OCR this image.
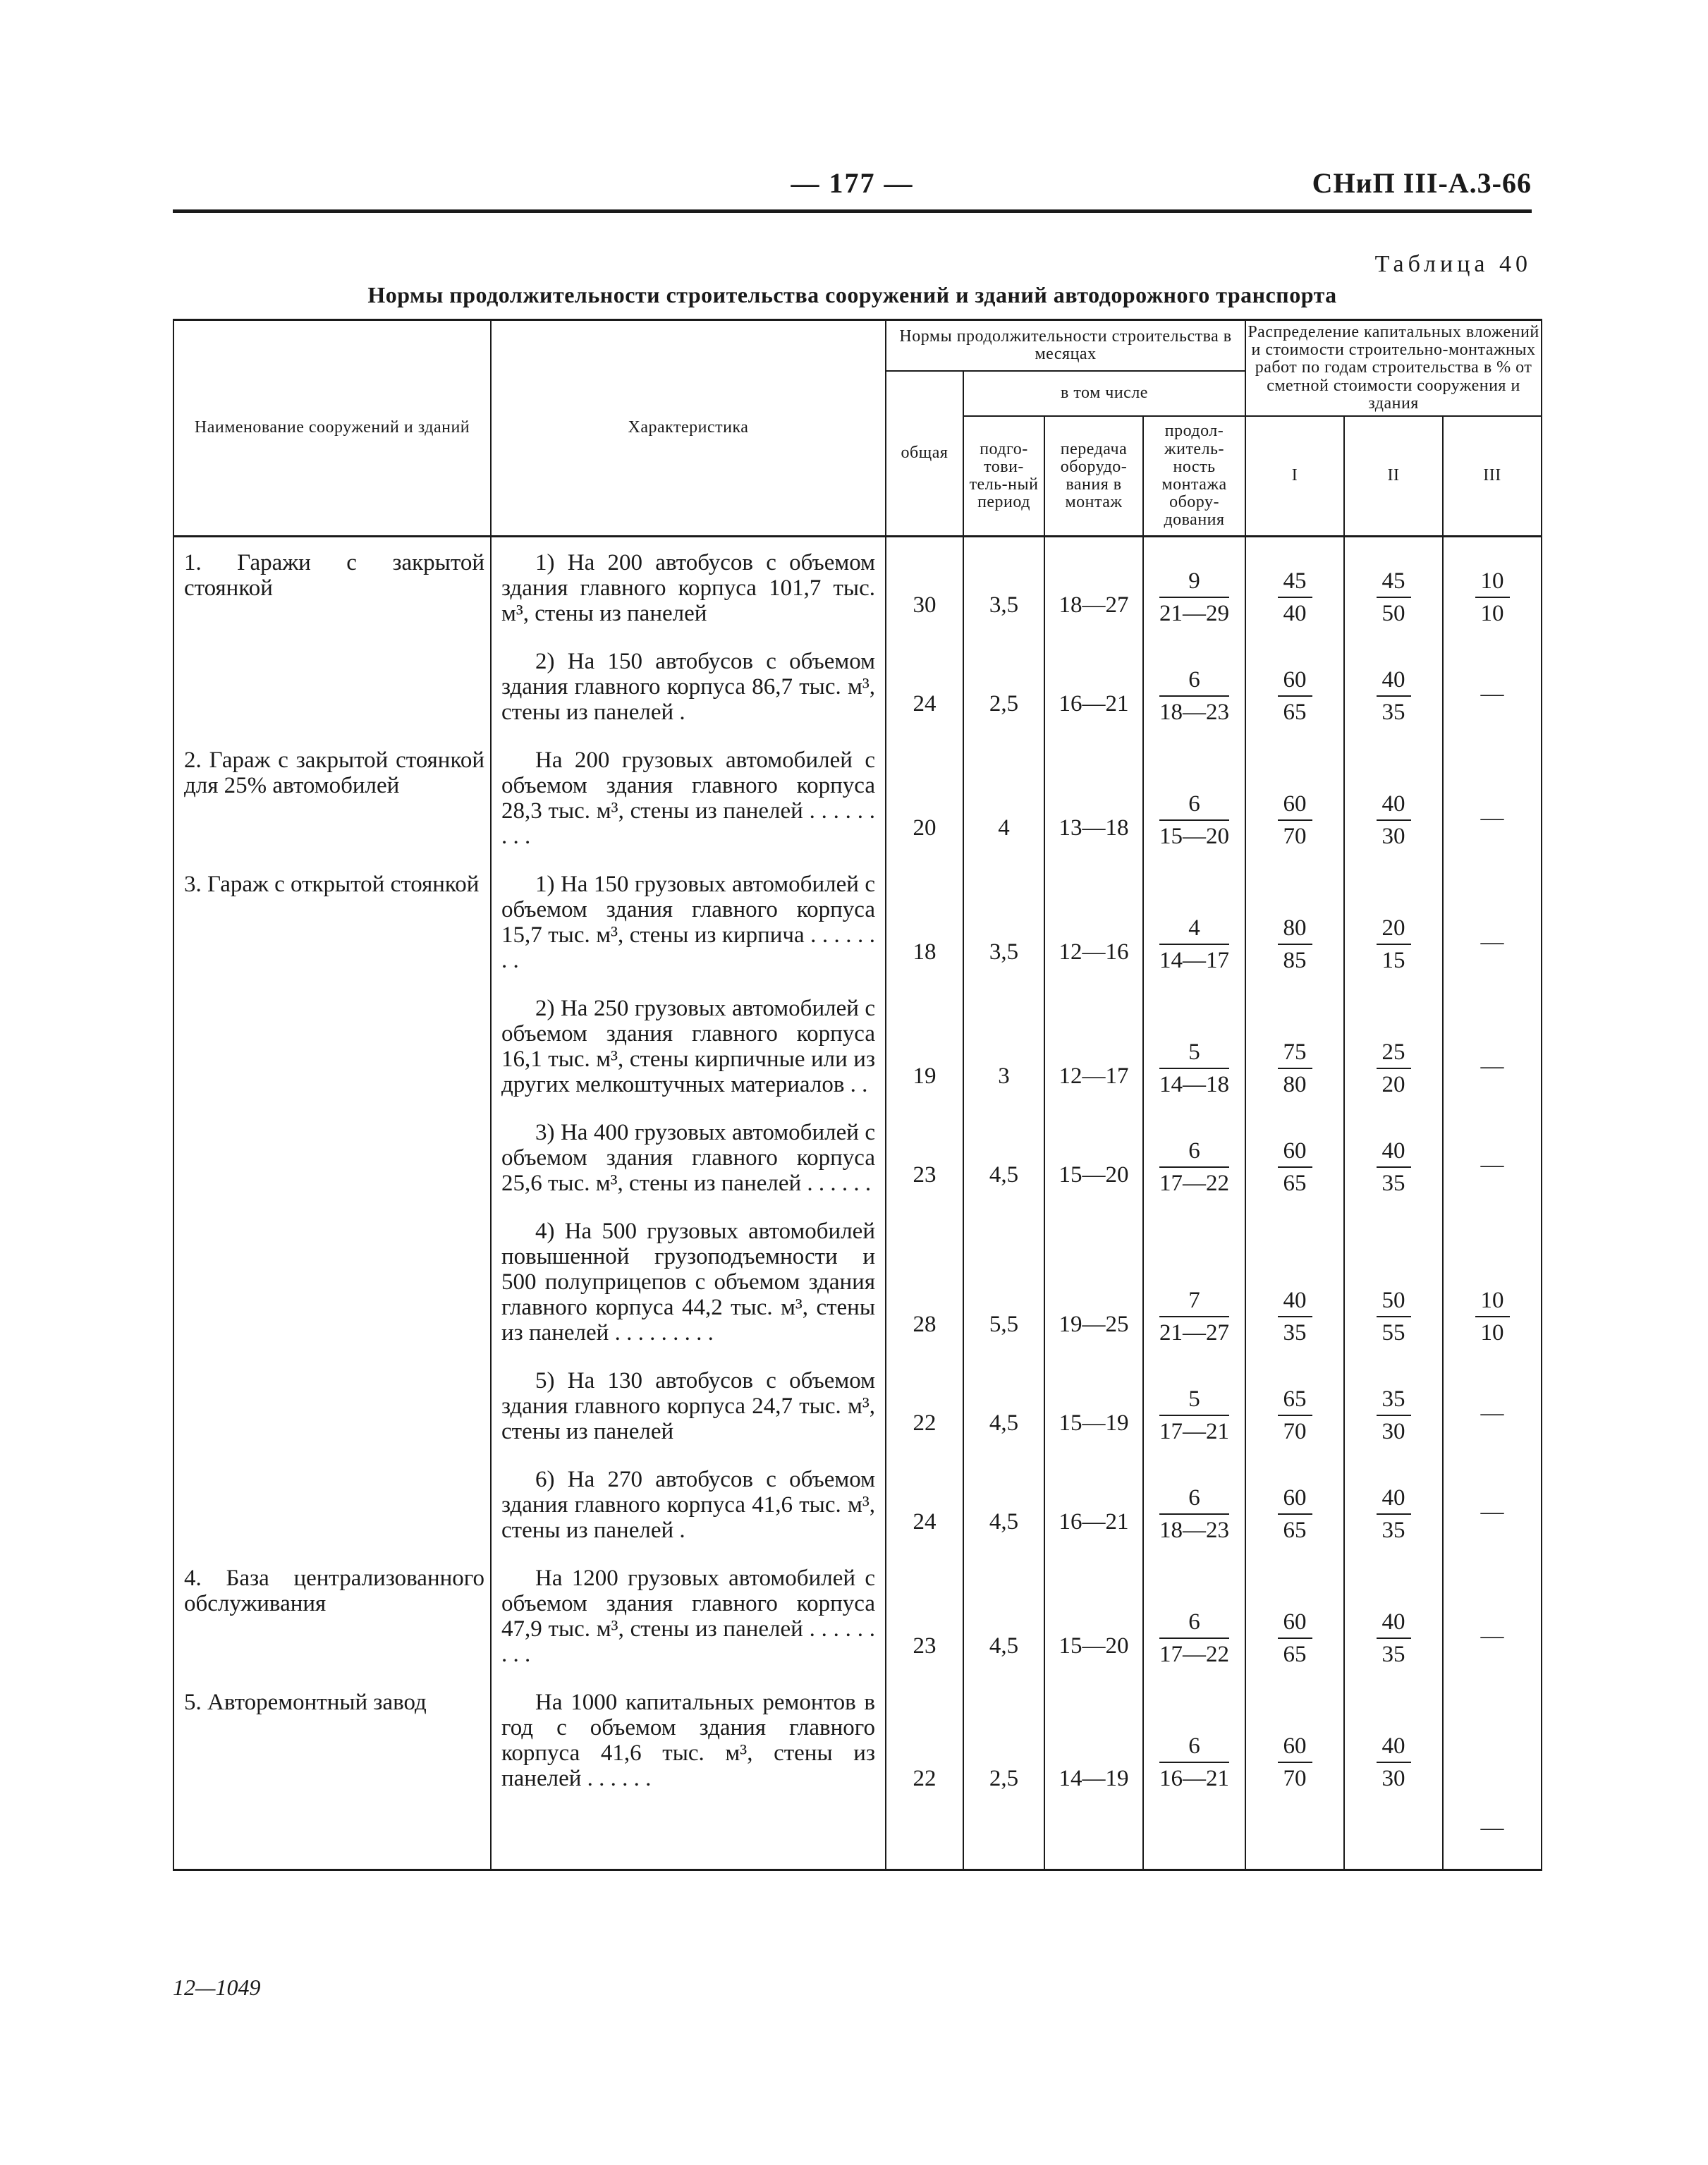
— 177 —	СНиП III-А.3-66
Таблица 40
Нормы продолжительности строительства сооружений и зданий автодорожного транспорта
Наименование сооружений и зданий	Характеристика	Нормы продолжительности строительства в месяцах				Распределение капитальных вложений и стоимости строительно-монтажных работ по годам строительства в % от сметной стоимости сооружения и здания		
		общая	в том числе					
			подго-тови-тель-ный период	передача оборудо-вания в монтаж	продол-житель-ность монтажа обору-дования	I	II	III

1. Гаражи с закрытой стоянкой	1) На 200 автобусов с объемом здания главного корпуса 101,7 тыс. м³, стены из панелей	30	3,5	18—27	$\frac{9}{21—29}$	$\frac{45}{40}$	$\frac{45}{50}$	$\frac{10}{10}$

	2) На 150 автобусов с объемом здания главного корпуса 86,7 тыс. м³, стены из панелей .	24	2,5	16—21	$\frac{6}{18—23}$	$\frac{60}{65}$	$\frac{40}{35}$	—

2. Гараж с закрытой стоянкой для 25% автомобилей	На 200 грузовых автомобилей с объемом здания главного корпуса 28,3 тыс. м³, стены из панелей . . . . . . . . .	20	4	13—18	$\frac{6}{15—20}$	$\frac{60}{70}$	$\frac{40}{30}$	—

3. Гараж с открытой стоянкой	1) На 150 грузовых автомобилей с объемом здания главного корпуса 15,7 тыс. м³, стены из кирпича . . . . . . . .	18	3,5	12—16	$\frac{4}{14—17}$	$\frac{80}{85}$	$\frac{20}{15}$	—

	2) На 250 грузовых автомобилей с объемом здания главного корпуса 16,1 тыс. м³, стены кирпичные или из других мелкоштучных материалов . .	19	3	12—17	$\frac{5}{14—18}$	$\frac{75}{80}$	$\frac{25}{20}$	—

	3) На 400 грузовых автомобилей с объемом здания главного корпуса 25,6 тыс. м³, стены из панелей . . . . . .	23	4,5	15—20	$\frac{6}{17—22}$	$\frac{60}{65}$	$\frac{40}{35}$	—

	4) На 500 грузовых автомобилей повышенной грузоподъемности и 500 полуприцепов с объемом здания главного корпуса 44,2 тыс. м³, стены из панелей . . . . . . . . .	28	5,5	19—25	$\frac{7}{21—27}$	$\frac{40}{35}$	$\frac{50}{55}$	$\frac{10}{10}$

	5) На 130 автобусов с объемом здания главного корпуса 24,7 тыс. м³, стены из панелей	22	4,5	15—19	$\frac{5}{17—21}$	$\frac{65}{70}$	$\frac{35}{30}$	—

	6) На 270 автобусов с объемом здания главного корпуса 41,6 тыс. м³, стены из панелей .	24	4,5	16—21	$\frac{6}{18—23}$	$\frac{60}{65}$	$\frac{40}{35}$	—

4. База централизованного обслуживания	На 1200 грузовых автомобилей с объемом здания главного корпуса 47,9 тыс. м³, стены из панелей . . . . . . . . .	23	4,5	15—20	$\frac{6}{17—22}$	$\frac{60}{65}$	$\frac{40}{35}$	—

5. Авторемонтный завод	На 1000 капитальных ремонтов в год с объемом здания главного корпуса 41,6 тыс. м³, стены из панелей . . . . . .	22	2,5	14—19	$\frac{6}{16—21}$	$\frac{60}{70}$	$\frac{40}{30}$	—
12—1049
